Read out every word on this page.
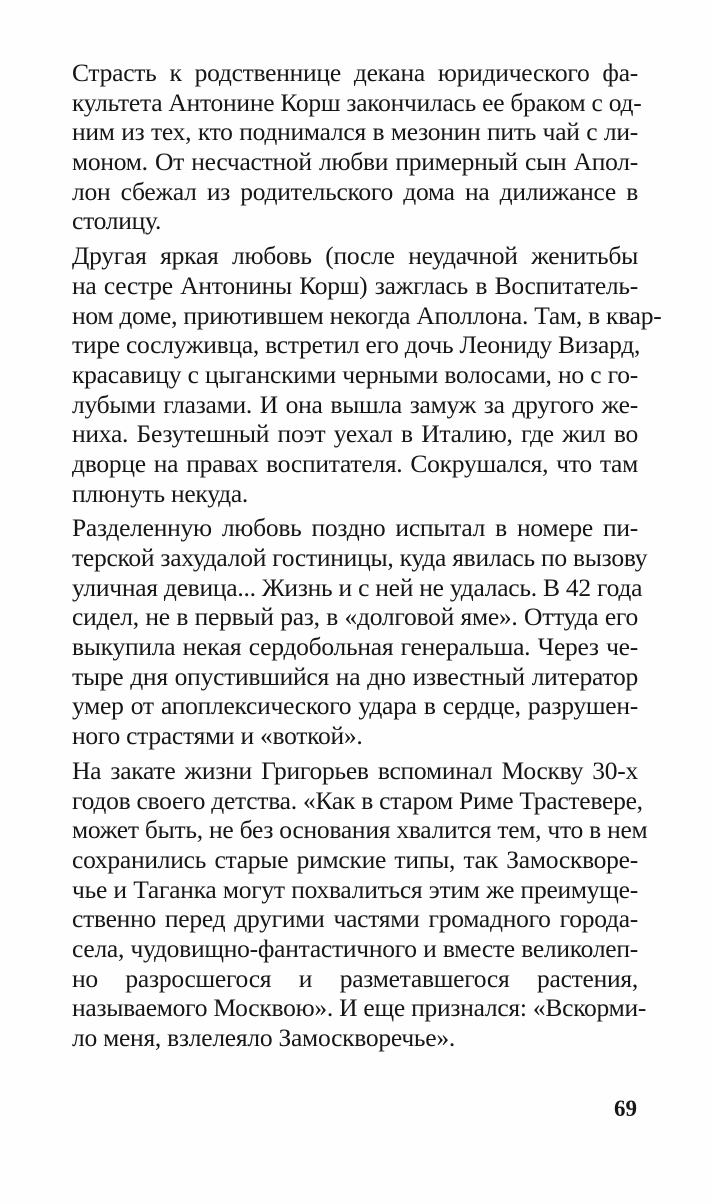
Страсть к родственнице декана юридического фа-
культета Антонине Корш закончилась ее браком с од-
ним из тех, кто поднимался в мезонин пить чай с ли-
моном. От несчастной любви примерный сын Апол-
лон сбежал из родительского дома на дилижансе в
столицу.
Другая яркая любовь (после неудачной женитьбы
на сестре Антонины Корш) зажглась в Воспитатель-
ном доме, приютившем некогда Аполлона. Там, в квар-
тире сослуживца, встретил его дочь Леониду Визард,
красавицу с цыганскими черными волосами, но с го-
лубыми глазами. И она вышла замуж за другого же-
ниха. Безутешный поэт уехал в Италию, где жил во
дворце на правах воспитателя. Сокрушался, что там
плюнуть некуда.
Разделенную любовь поздно испытал в номере пи-
терской захудалой гостиницы, куда явилась по вызову
уличная девица... Жизнь и с ней не удалась. В 42 года
сидел, не в первый раз, в «долговой яме». Оттуда его
выкупила некая сердобольная генеральша. Через че-
тыре дня опустившийся на дно известный литератор
умер от апоплексического удара в сердце, разрушен-
ного страстями и «воткой».
На закате жизни Григорьев вспоминал Москву 30-х
годов своего детства. «Как в старом Риме Трастевере,
может быть, не без основания хвалится тем, что в нем
сохранились старые римские типы, так Замоскворе-
чье и Таганка могут похвалиться этим же преимуще-
ственно перед другими частями громадного города-
села, чудовищно-фантастичного и вместе великолеп-
но разросшегося и разметавшегося растения,
называемого Москвою». И еще признался: «Вскорми-
ло меня, взлелеяло Замоскворечье».
69
